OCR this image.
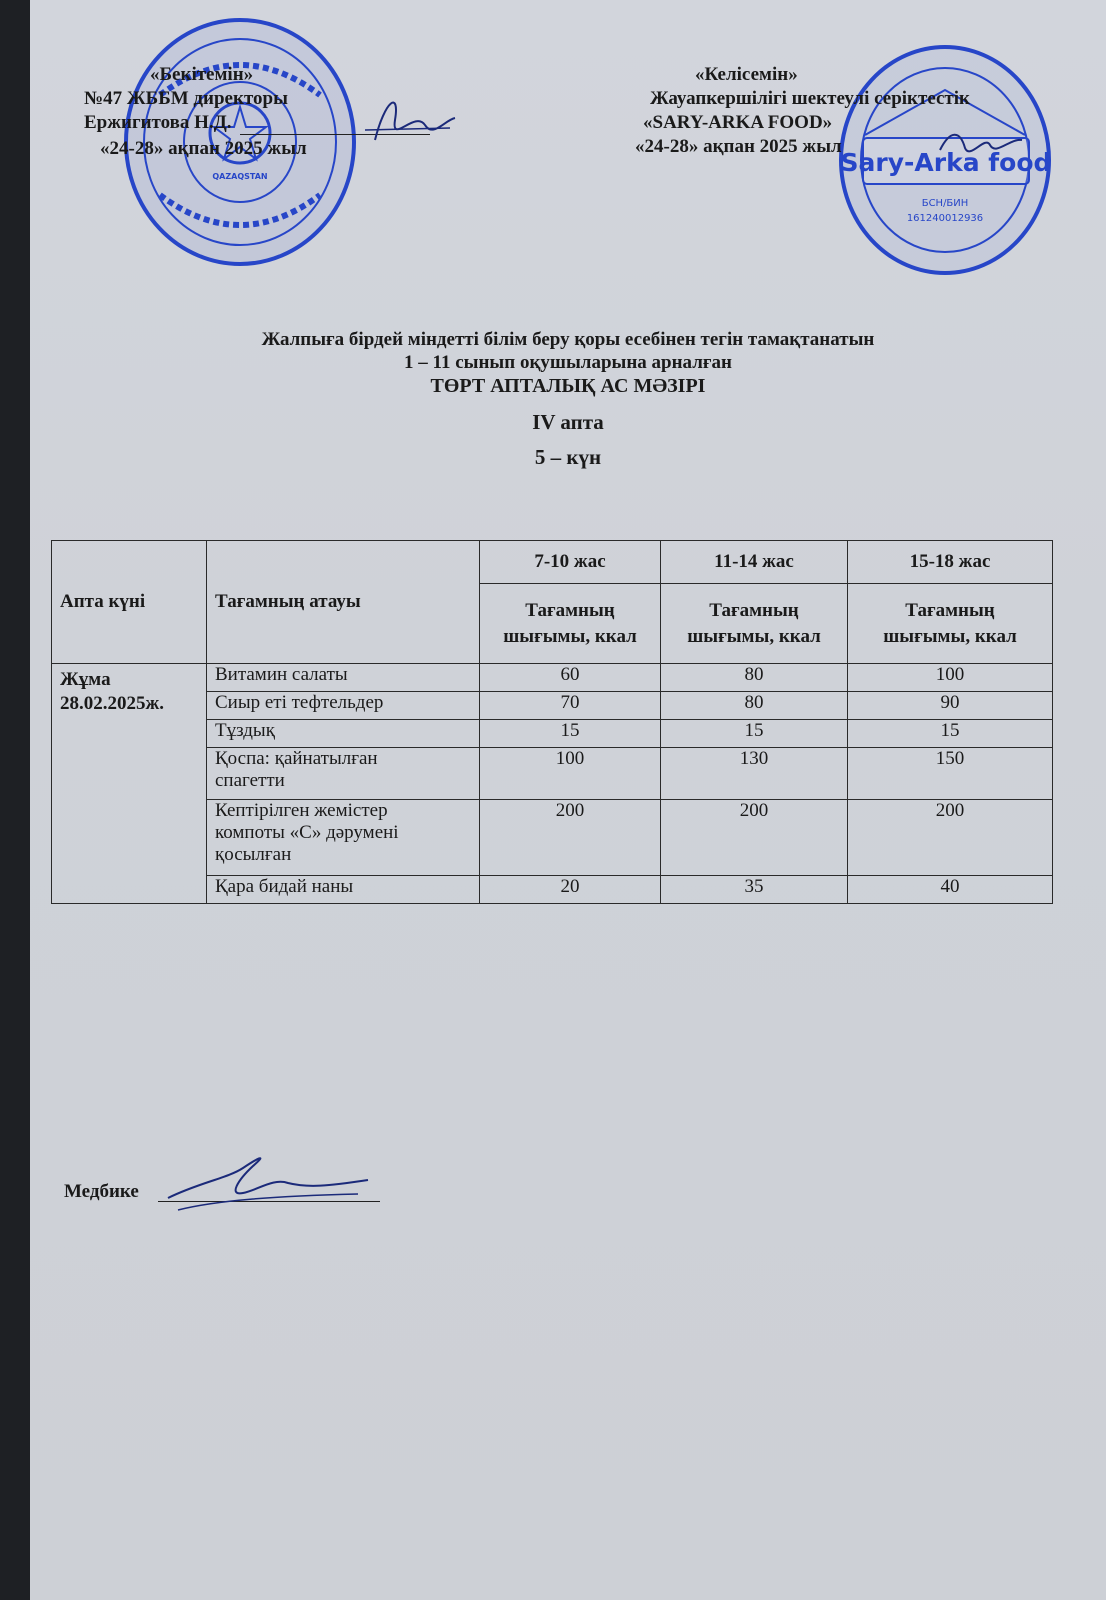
QAZAQSTAN	Sary-Arka food
БСН/БИН
161240012936
«Бекітемін»
№47 ЖББМ директоры
Ержигитова Н.Д.
«24-28» ақпан 2025 жыл
«Келісемін»
Жауапкершілігі шектеулі серіктестік
«SARY-ARKA FOOD»
«24-28» ақпан 2025 жыл
Жалпыға бірдей міндетті білім беру қоры есебінен тегін тамақтанатын
1 – 11 сынып оқушыларына арналған
ТӨРТ АПТАЛЫҚ АС МӘЗІРІ
IV апта
5 – күн
Апта күні	Тағамның атауы	7-10 жас	11-14 жас	15-18 жас
		Тағамның
шығымы, ккал	Тағамның
шығымы, ккал	Тағамның
шығымы, ккал

Жұма
28.02.2025ж.	Витамин салаты	60	80	100

	Сиыр еті тефтельдер	70	80	90

	Тұздық	15	15	15

	Қоспа: қайнатылған
спагетти	100	130	150

	Кептірілген жемістер
компоты «С» дәрумені
қосылған	200	200	200

	Қара бидай наны	20	35	40
Медбике
